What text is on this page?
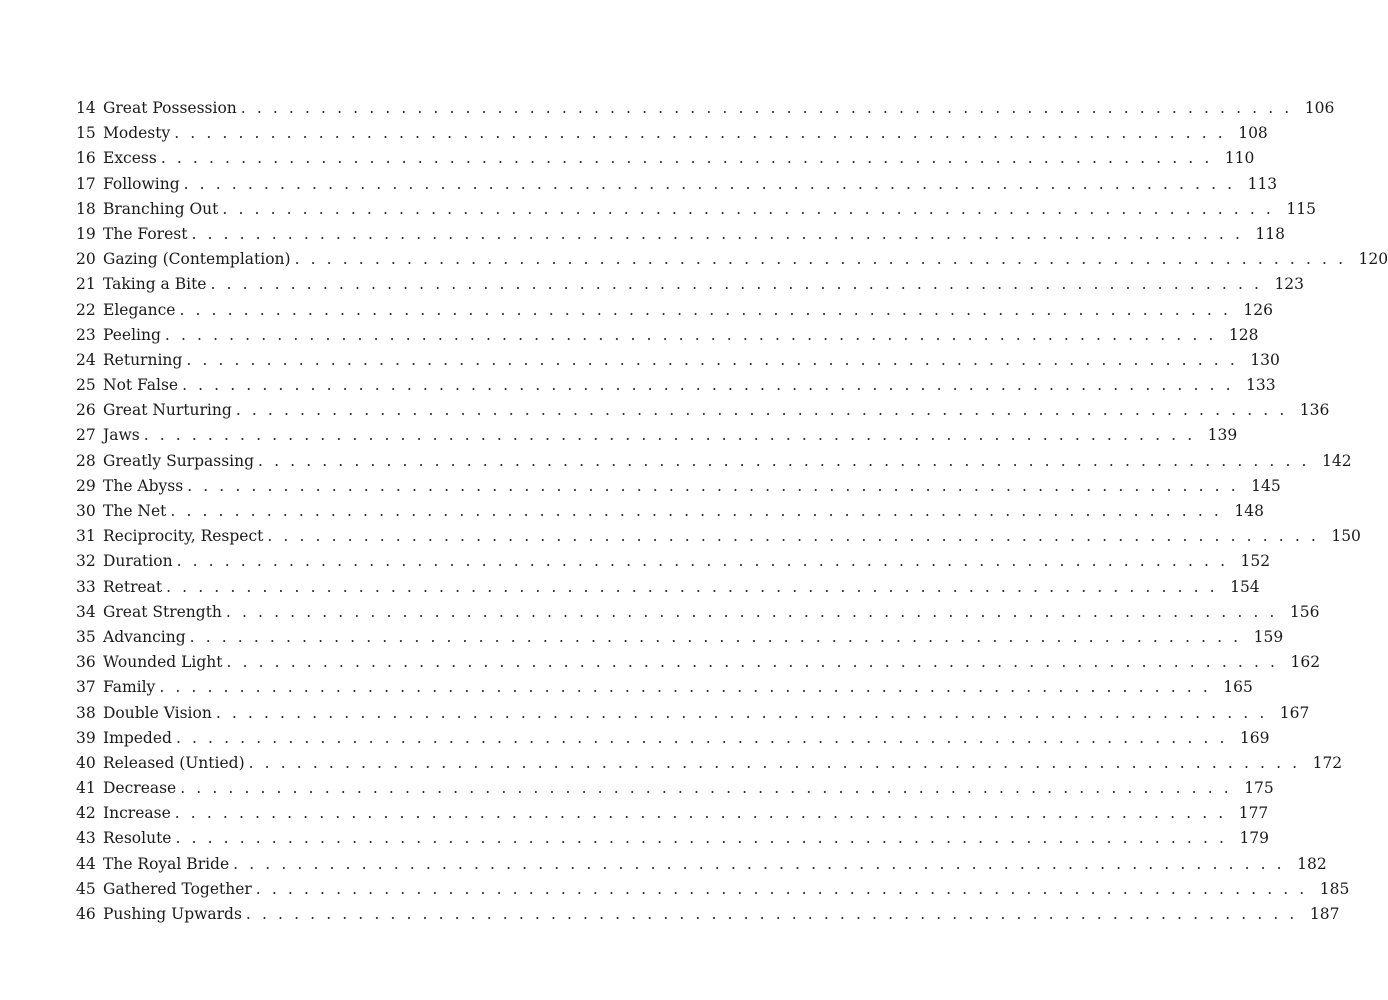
14 Great Possession . . . . . . . . . . . . . . . . . . . . . . . . . . . . . . . . . . . . . . . . . . . . . . . . . . . . . . . . . . . . . . . . . . 106
15 Modesty . . . . . . . . . . . . . . . . . . . . . . . . . . . . . . . . . . . . . . . . . . . . . . . . . . . . . . . . . . . . . . . . . . 108
16 Excess . . . . . . . . . . . . . . . . . . . . . . . . . . . . . . . . . . . . . . . . . . . . . . . . . . . . . . . . . . . . . . . . . . 110
17 Following . . . . . . . . . . . . . . . . . . . . . . . . . . . . . . . . . . . . . . . . . . . . . . . . . . . . . . . . . . . . . . . . . . 113
18 Branching Out . . . . . . . . . . . . . . . . . . . . . . . . . . . . . . . . . . . . . . . . . . . . . . . . . . . . . . . . . . . . . . . . . . 115
19 The Forest . . . . . . . . . . . . . . . . . . . . . . . . . . . . . . . . . . . . . . . . . . . . . . . . . . . . . . . . . . . . . . . . . . 118
20 Gazing (Contemplation) . . . . . . . . . . . . . . . . . . . . . . . . . . . . . . . . . . . . . . . . . . . . . . . . . . . . . . . . . . . . . . . . . . 120
21 Taking a Bite . . . . . . . . . . . . . . . . . . . . . . . . . . . . . . . . . . . . . . . . . . . . . . . . . . . . . . . . . . . . . . . . . . 123
22 Elegance . . . . . . . . . . . . . . . . . . . . . . . . . . . . . . . . . . . . . . . . . . . . . . . . . . . . . . . . . . . . . . . . . . 126
23 Peeling . . . . . . . . . . . . . . . . . . . . . . . . . . . . . . . . . . . . . . . . . . . . . . . . . . . . . . . . . . . . . . . . . . 128
24 Returning . . . . . . . . . . . . . . . . . . . . . . . . . . . . . . . . . . . . . . . . . . . . . . . . . . . . . . . . . . . . . . . . . . 130
25 Not False . . . . . . . . . . . . . . . . . . . . . . . . . . . . . . . . . . . . . . . . . . . . . . . . . . . . . . . . . . . . . . . . . . 133
26 Great Nurturing . . . . . . . . . . . . . . . . . . . . . . . . . . . . . . . . . . . . . . . . . . . . . . . . . . . . . . . . . . . . . . . . . . 136
27 Jaws . . . . . . . . . . . . . . . . . . . . . . . . . . . . . . . . . . . . . . . . . . . . . . . . . . . . . . . . . . . . . . . . . . 139
28 Greatly Surpassing . . . . . . . . . . . . . . . . . . . . . . . . . . . . . . . . . . . . . . . . . . . . . . . . . . . . . . . . . . . . . . . . . . 142
29 The Abyss . . . . . . . . . . . . . . . . . . . . . . . . . . . . . . . . . . . . . . . . . . . . . . . . . . . . . . . . . . . . . . . . . . 145
30 The Net . . . . . . . . . . . . . . . . . . . . . . . . . . . . . . . . . . . . . . . . . . . . . . . . . . . . . . . . . . . . . . . . . . 148
31 Reciprocity, Respect . . . . . . . . . . . . . . . . . . . . . . . . . . . . . . . . . . . . . . . . . . . . . . . . . . . . . . . . . . . . . . . . . . 150
32 Duration . . . . . . . . . . . . . . . . . . . . . . . . . . . . . . . . . . . . . . . . . . . . . . . . . . . . . . . . . . . . . . . . . . 152
33 Retreat . . . . . . . . . . . . . . . . . . . . . . . . . . . . . . . . . . . . . . . . . . . . . . . . . . . . . . . . . . . . . . . . . . 154
34 Great Strength . . . . . . . . . . . . . . . . . . . . . . . . . . . . . . . . . . . . . . . . . . . . . . . . . . . . . . . . . . . . . . . . . . 156
35 Advancing . . . . . . . . . . . . . . . . . . . . . . . . . . . . . . . . . . . . . . . . . . . . . . . . . . . . . . . . . . . . . . . . . . 159
36 Wounded Light . . . . . . . . . . . . . . . . . . . . . . . . . . . . . . . . . . . . . . . . . . . . . . . . . . . . . . . . . . . . . . . . . . 162
37 Family . . . . . . . . . . . . . . . . . . . . . . . . . . . . . . . . . . . . . . . . . . . . . . . . . . . . . . . . . . . . . . . . . . 165
38 Double Vision . . . . . . . . . . . . . . . . . . . . . . . . . . . . . . . . . . . . . . . . . . . . . . . . . . . . . . . . . . . . . . . . . . 167
39 Impeded . . . . . . . . . . . . . . . . . . . . . . . . . . . . . . . . . . . . . . . . . . . . . . . . . . . . . . . . . . . . . . . . . . 169
40 Released (Untied) . . . . . . . . . . . . . . . . . . . . . . . . . . . . . . . . . . . . . . . . . . . . . . . . . . . . . . . . . . . . . . . . . . 172
41 Decrease . . . . . . . . . . . . . . . . . . . . . . . . . . . . . . . . . . . . . . . . . . . . . . . . . . . . . . . . . . . . . . . . . . 175
42 Increase . . . . . . . . . . . . . . . . . . . . . . . . . . . . . . . . . . . . . . . . . . . . . . . . . . . . . . . . . . . . . . . . . . 177
43 Resolute . . . . . . . . . . . . . . . . . . . . . . . . . . . . . . . . . . . . . . . . . . . . . . . . . . . . . . . . . . . . . . . . . . 179
44 The Royal Bride . . . . . . . . . . . . . . . . . . . . . . . . . . . . . . . . . . . . . . . . . . . . . . . . . . . . . . . . . . . . . . . . . . 182
45 Gathered Together . . . . . . . . . . . . . . . . . . . . . . . . . . . . . . . . . . . . . . . . . . . . . . . . . . . . . . . . . . . . . . . . . . 185
46 Pushing Upwards . . . . . . . . . . . . . . . . . . . . . . . . . . . . . . . . . . . . . . . . . . . . . . . . . . . . . . . . . . . . . . . . . . 187
